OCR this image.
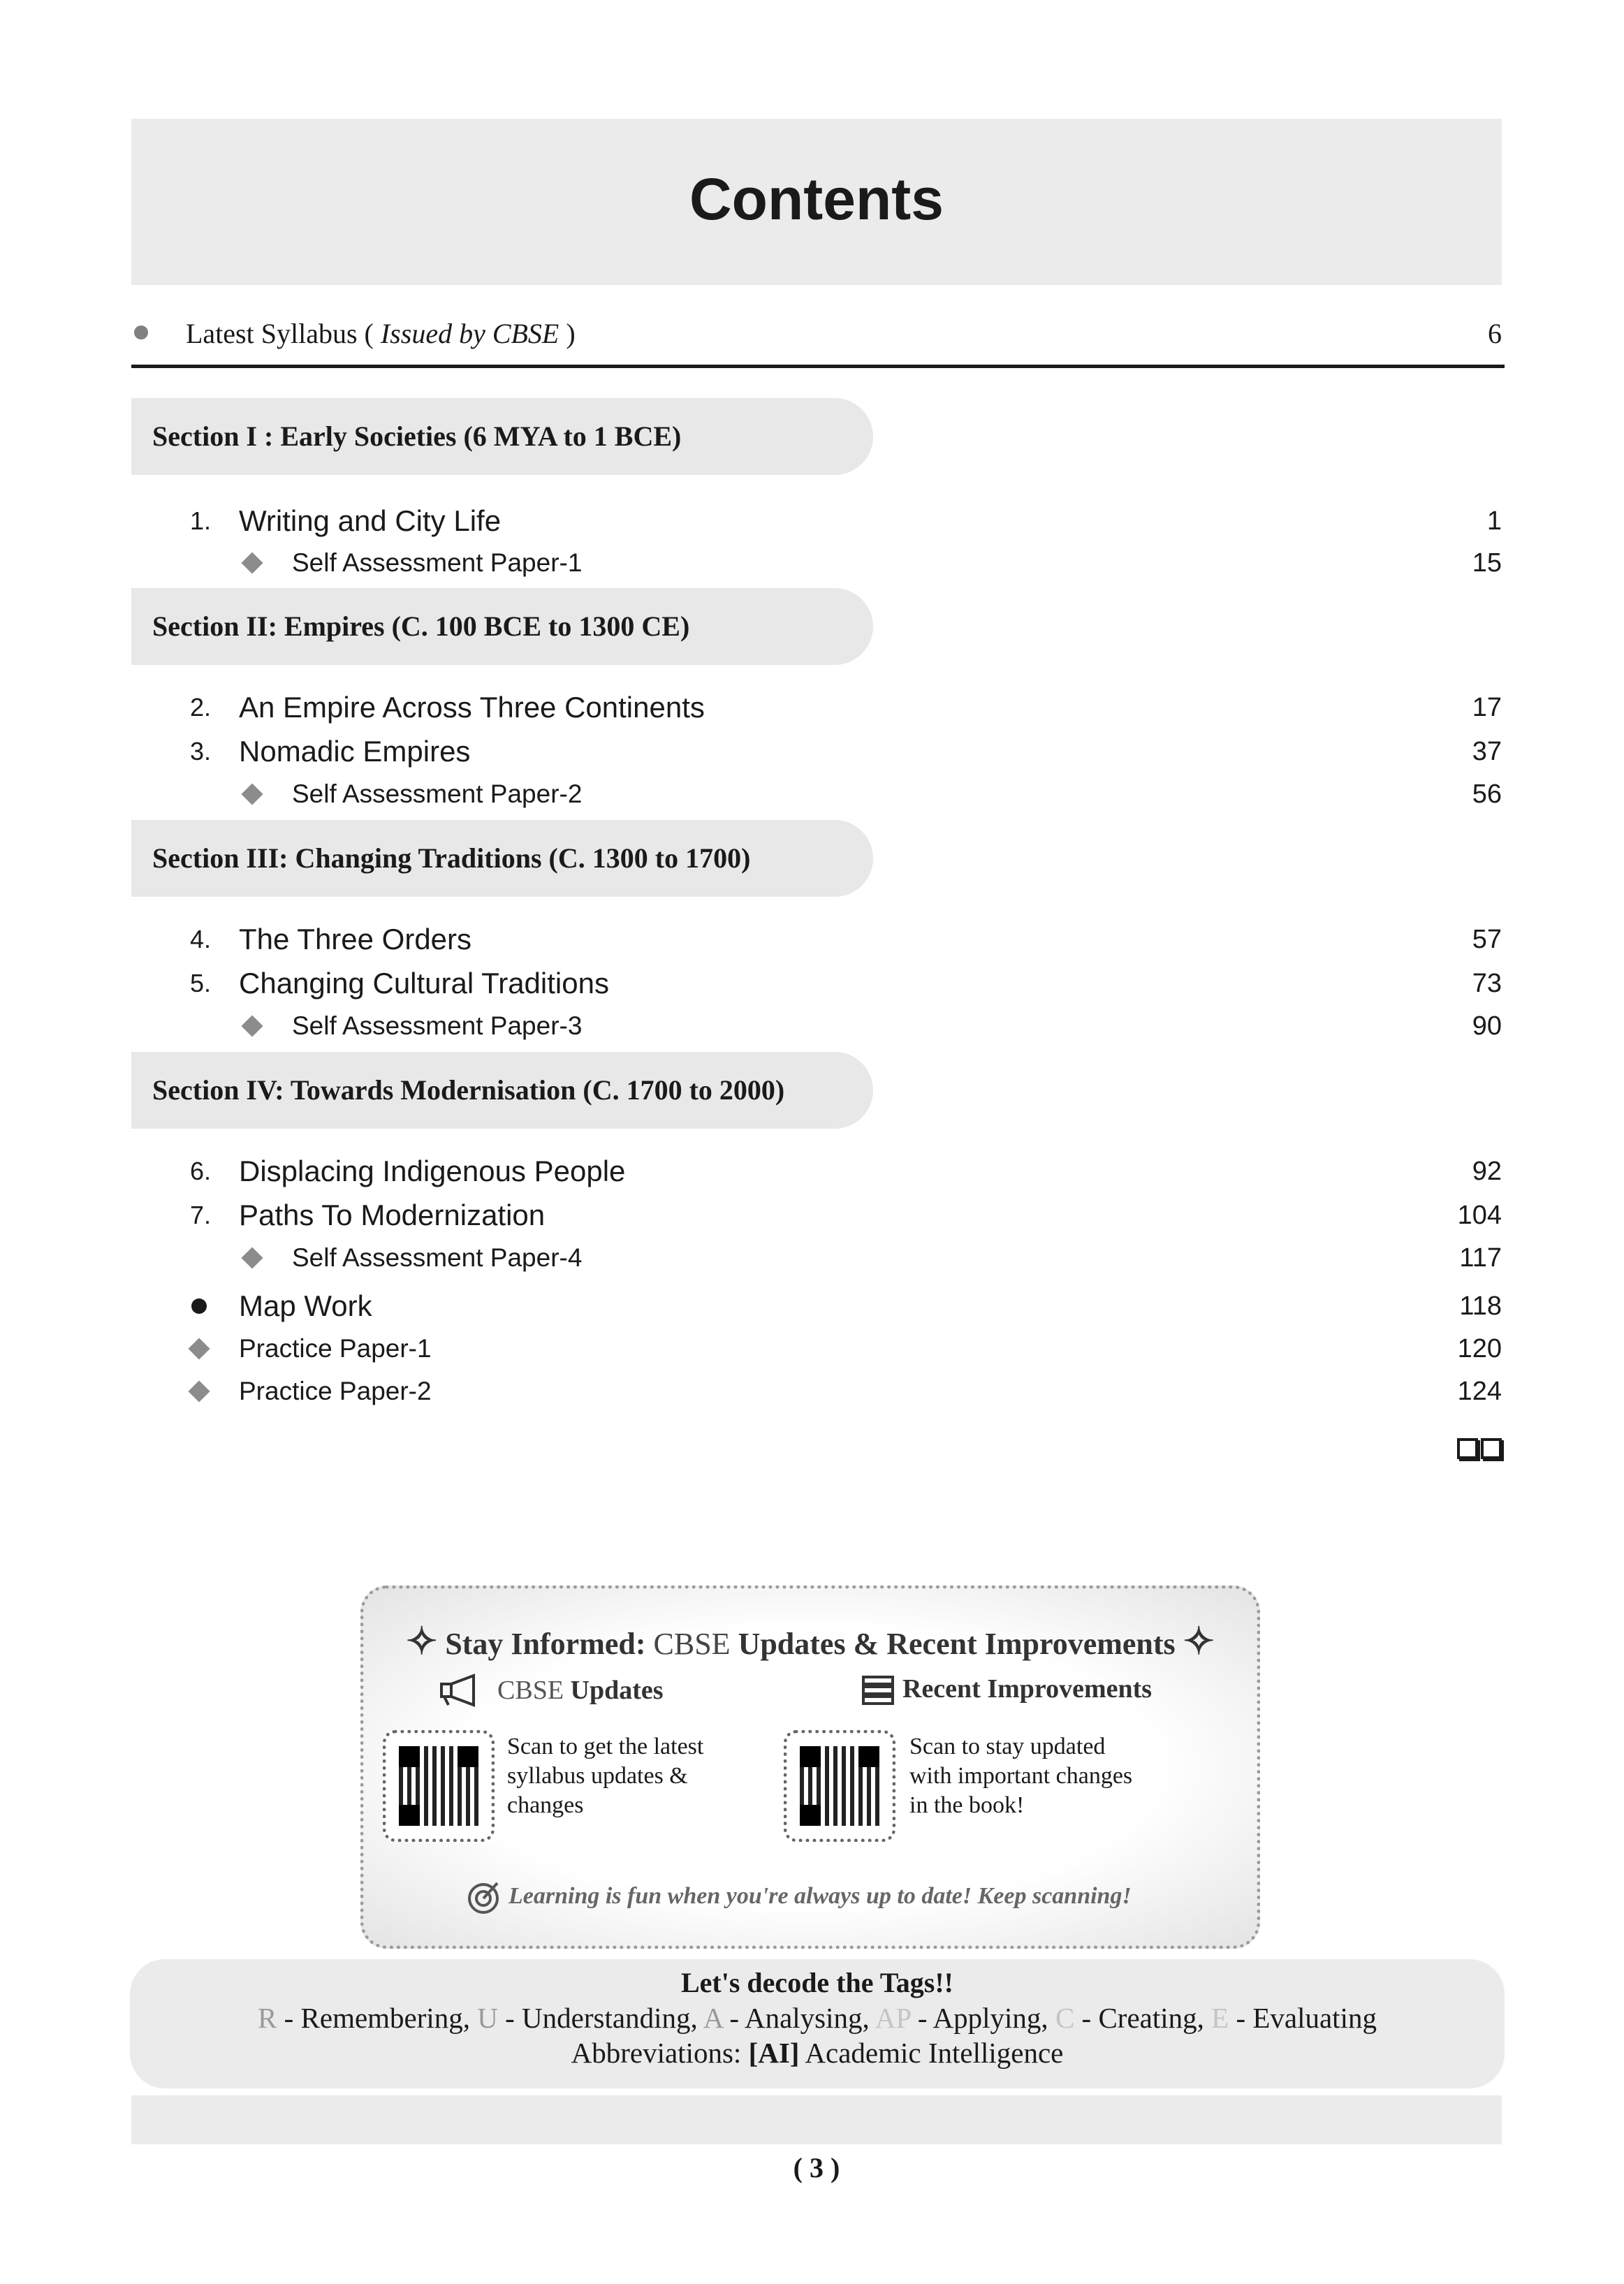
Contents
Latest Syllabus ( Issued by CBSE )	6
Section I : Early Societies (6 MYA to 1 BCE)
1. Writing and City Life	1
Self Assessment Paper-1	15
Section II: Empires (C. 100 BCE to 1300 CE)
2. An Empire Across Three Continents	17
3. Nomadic Empires	37
Self Assessment Paper-2	56
Section III: Changing Traditions (C. 1300 to 1700)
4. The Three Orders	57
5. Changing Cultural Traditions	73
Self Assessment Paper-3	90
Section IV: Towards Modernisation (C. 1700 to 2000)
6. Displacing Indigenous People	92
7. Paths To Modernization	104
Self Assessment Paper-4	117
Map Work	118
Practice Paper-1	120
Practice Paper-2	124
✧ Stay Informed: CBSE Updates & Recent Improvements ✧
CBSE Updates
Scan to get the latest syllabus updates & changes
Recent Improvements
Scan to stay updated with important changes in the book!
Learning is fun when you're always up to date! Keep scanning!
Let's decode the Tags!!
R - Remembering, U - Understanding, A - Analysing, AP - Applying, C - Creating, E - Evaluating
Abbreviations: [AI] Academic Intelligence
( 3 )
